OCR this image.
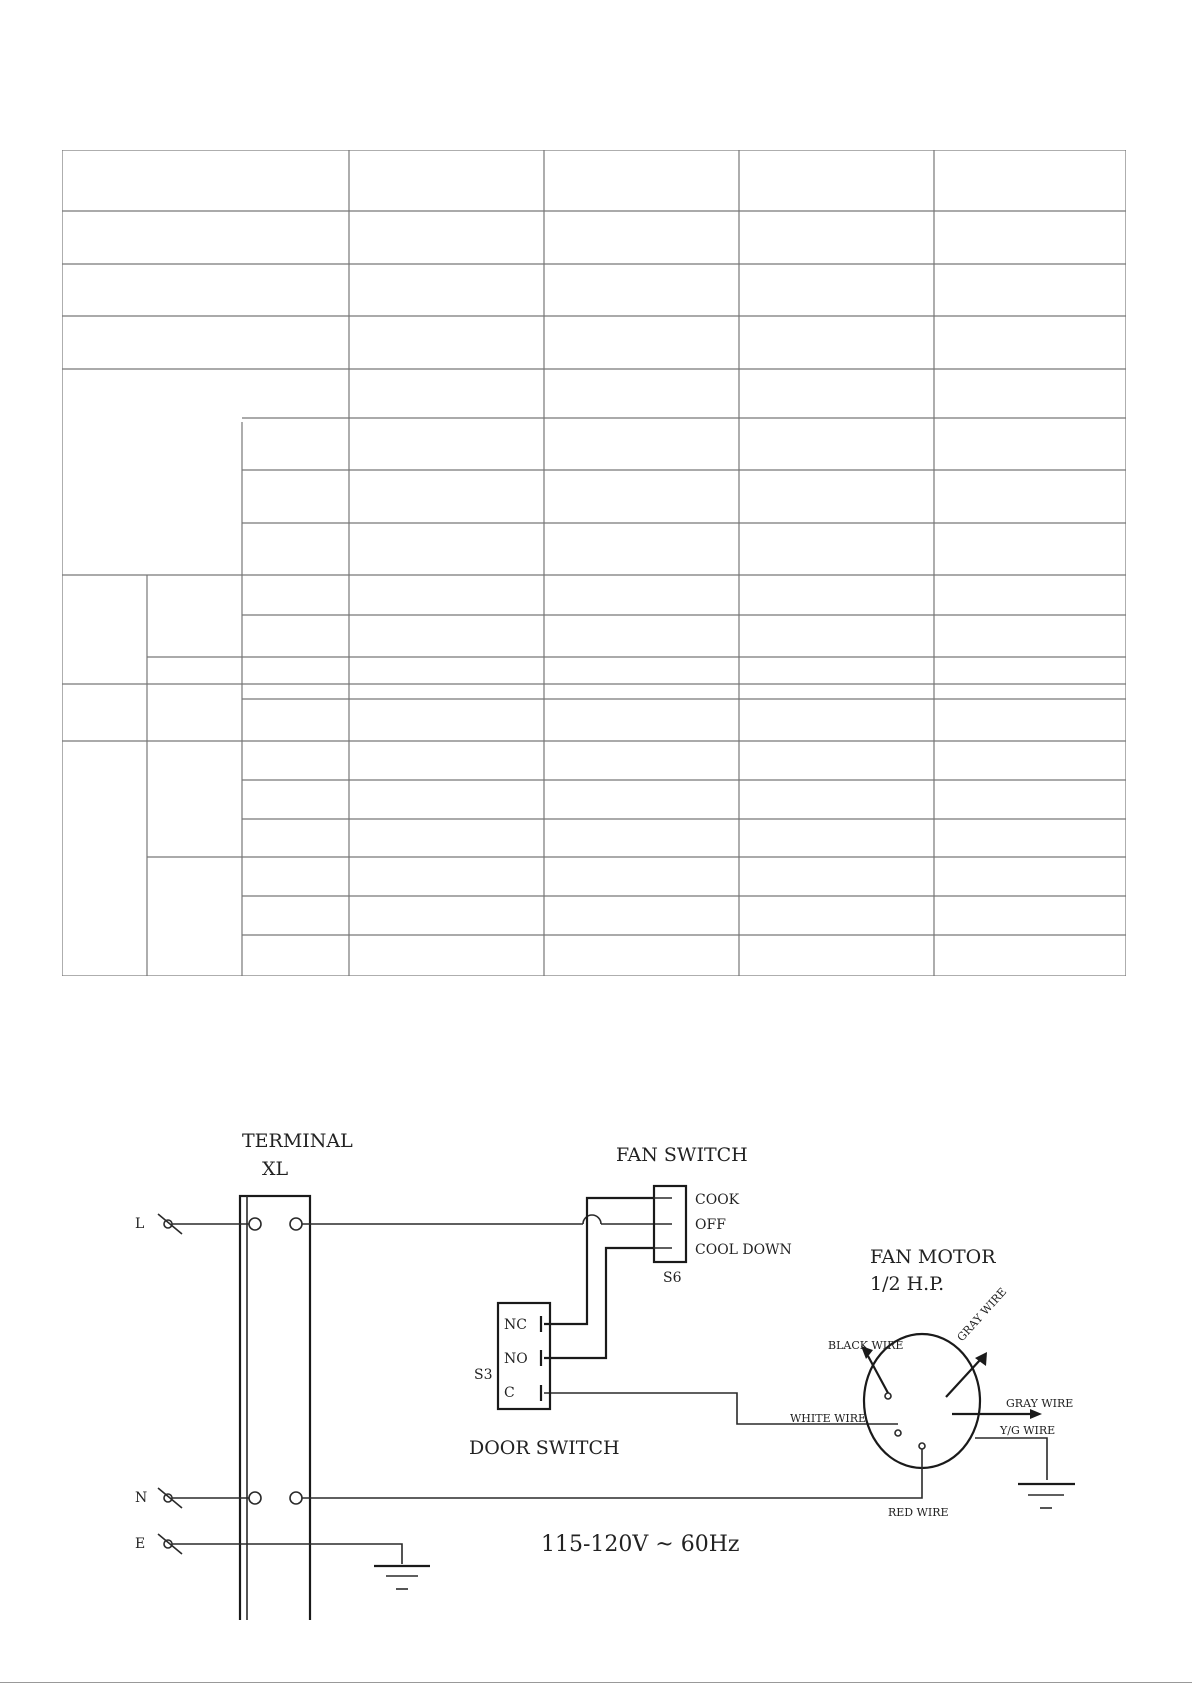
TERMINAL
XL
L
N
E
FAN SWITCH
COOK
OFF
COOL DOWN
S6
NC
NO
C
S3
DOOR SWITCH
FAN MOTOR
1/2 H.P.
BLACK WIRE
GRAY WIRE
GRAY WIRE
WHITE WIRE
RED WIRE
Y/G WIRE
115-120V ~ 60Hz
